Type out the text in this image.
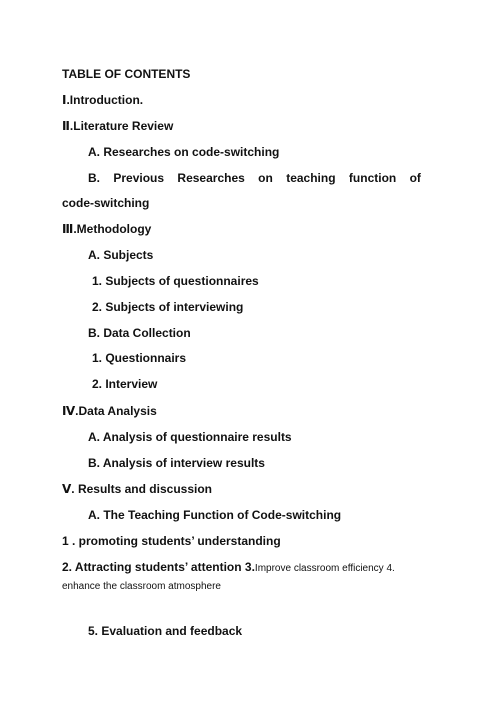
TABLE OF CONTENTS
Ⅰ.Introduction.
Ⅱ.Literature Review
A. Researches on code-switching
B. Previous Researches on teaching function of
code-switching
Ⅲ.Methodology
A. Subjects
1. Subjects of questionnaires
2. Subjects of interviewing
B. Data Collection
1. Questionnairs
2. Interview
Ⅳ.Data Analysis
A. Analysis of questionnaire results
B. Analysis of interview results
Ⅴ. Results and discussion
A. The Teaching Function of Code-switching
1 . promoting students’ understanding
2. Attracting students’ attention 3.Improve classroom efficiency 4.
enhance the classroom atmosphere
5. Evaluation and feedback
